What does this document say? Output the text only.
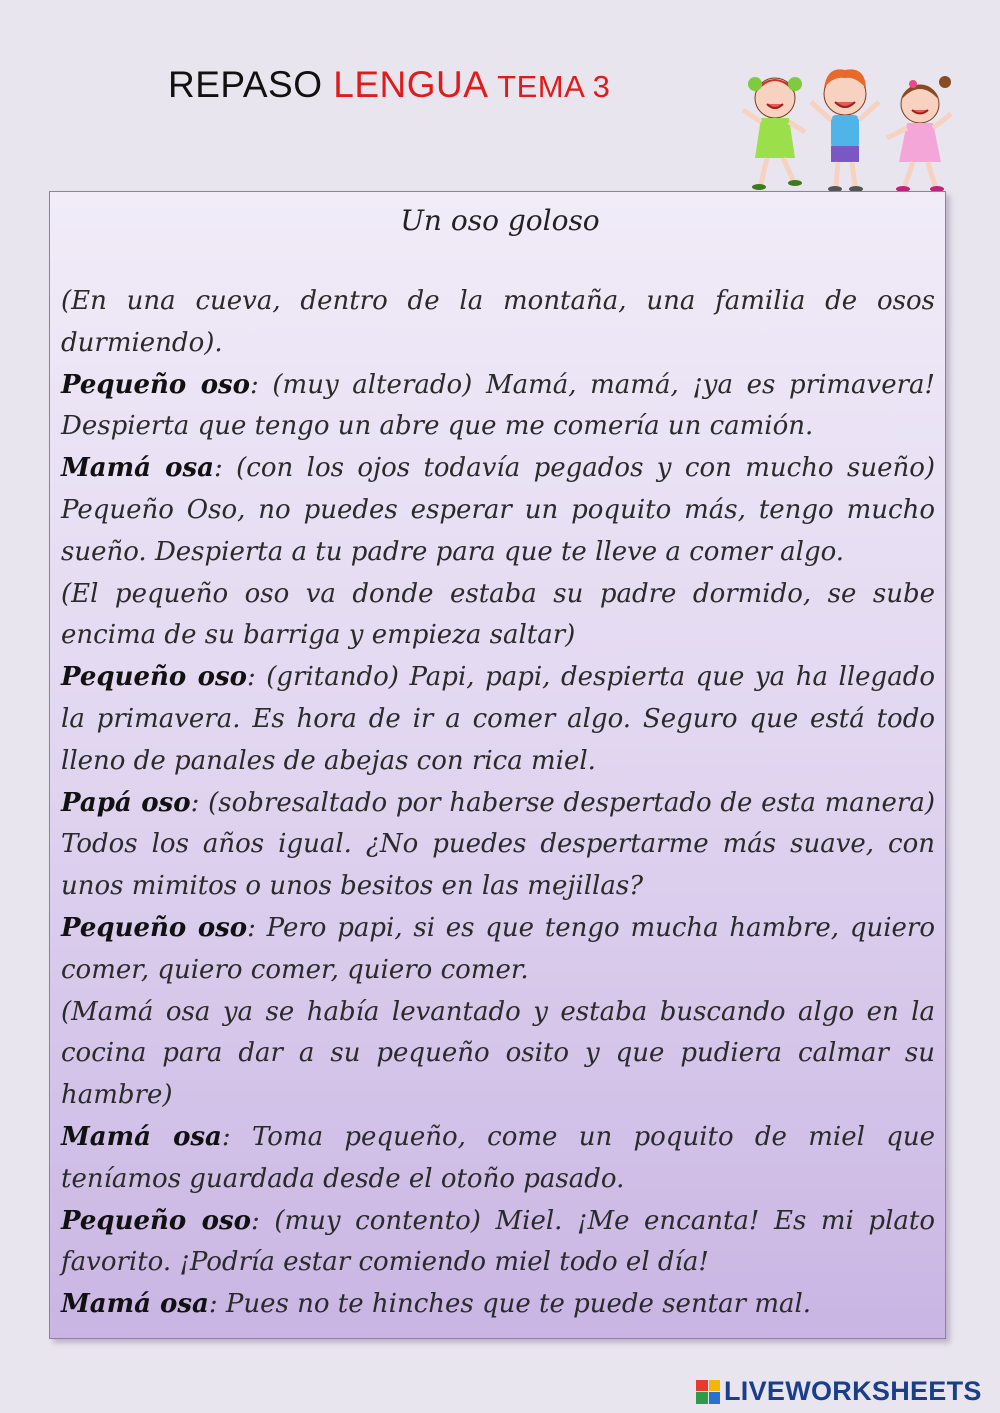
REPASO LENGUA TEMA 3
Un oso goloso

(En una cueva, dentro de la montaña, una familia de osos durmiendo).

Pequeño oso: (muy alterado) Mamá, mamá, ¡ya es primavera! Despierta que tengo un abre que me comería un camión.

Mamá osa: (con los ojos todavía pegados y con mucho sueño) Pequeño Oso, no puedes esperar un poquito más, tengo mucho sueño. Despierta a tu padre para que te lleve a comer algo.

(El pequeño oso va donde estaba su padre dormido, se sube encima de su barriga y empieza saltar)

Pequeño oso: (gritando) Papi, papi, despierta que ya ha llegado la primavera. Es hora de ir a comer algo. Seguro que está todo lleno de panales de abejas con rica miel.

Papá oso: (sobresaltado por haberse despertado de esta manera) Todos los años igual. ¿No puedes despertarme más suave, con unos mimitos o unos besitos en las mejillas?

Pequeño oso: Pero papi, si es que tengo mucha hambre, quiero comer, quiero comer, quiero comer.

(Mamá osa ya se había levantado y estaba buscando algo en la cocina para dar a su pequeño osito y que pudiera calmar su hambre)

Mamá osa: Toma pequeño, come un poquito de miel que teníamos guardada desde el otoño pasado.

Pequeño oso: (muy contento) Miel. ¡Me encanta! Es mi plato favorito. ¡Podría estar comiendo miel todo el día!

Mamá osa: Pues no te hinches que te puede sentar mal.

LIVEWORKSHEETS
